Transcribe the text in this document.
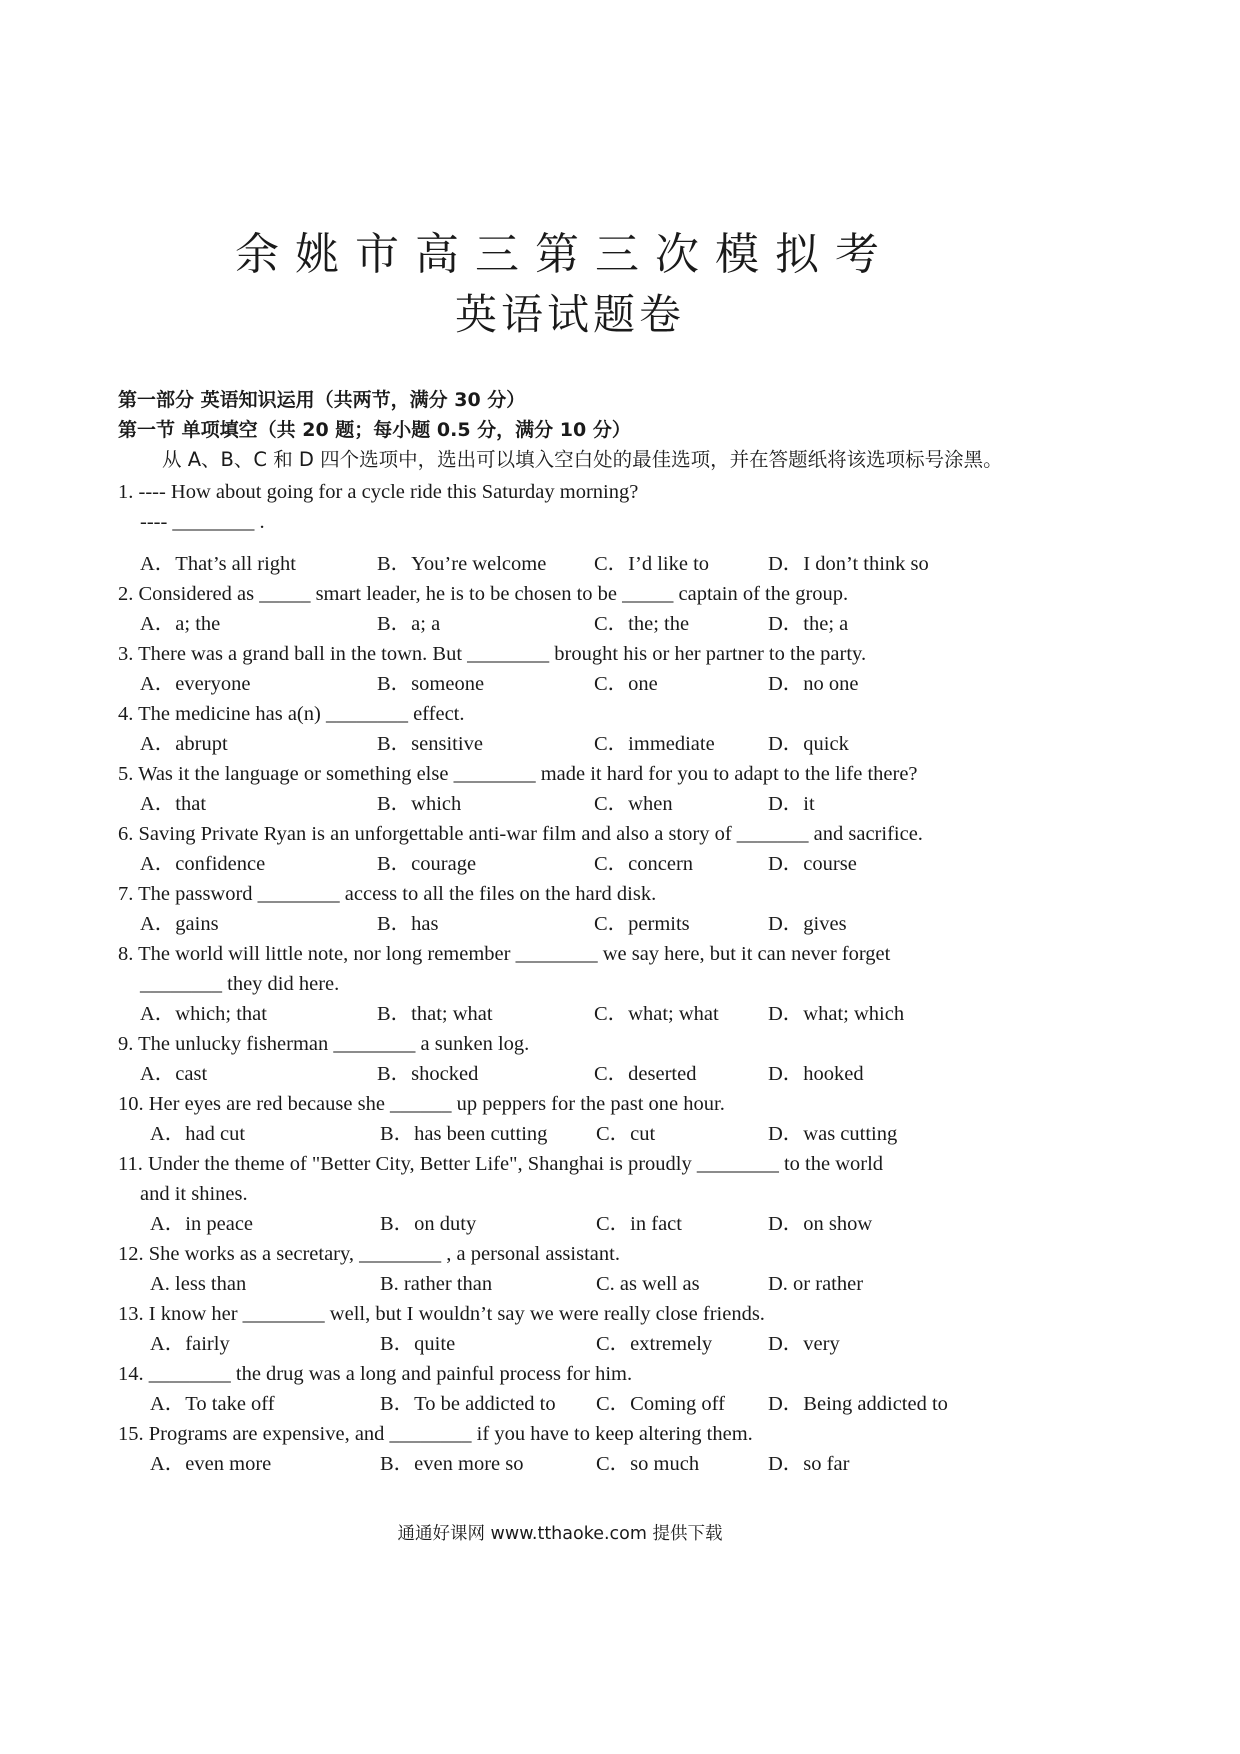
余姚市高三第三次模拟考
英语试题卷
第一部分 英语知识运用（共两节，满分 30 分）
第一节 单项填空（共 20 题；每小题 0.5 分，满分 10 分）
从 A、B、C 和 D 四个选项中，选出可以填入空白处的最佳选项，并在答题纸将该选项标号涂黑。
1. ---- How about going for a cycle ride this Saturday morning?
---- ________ .
A．That’s all right	B．You’re welcome C．I’d like to	D．I don’t think so
2. Considered as _____ smart leader, he is to be chosen to be _____ captain of the group.
A．a; the	B．a; a	C．the; the	D．the; a
3. There was a grand ball in the town. But ________ brought his or her partner to the party.
A．everyone	B．someone	C．one	D．no one
4. The medicine has a(n) ________ effect.
A．abrupt	B．sensitive	C．immediate	D．quick
5. Was it the language or something else ________ made it hard for you to adapt to the life there?
A．that	B．which	C．when	D．it
6. Saving Private Ryan is an unforgettable anti-war film and also a story of _______ and sacrifice.
A．confidence	B．courage	C．concern	D．course
7. The password ________ access to all the files on the hard disk.
A．gains	B．has	C．permits	D．gives
8. The world will little note, nor long remember ________ we say here, but it can never forget
________ they did here.
A．which; that	B．that; what	C．what; what D．what; which
9. The unlucky fisherman ________ a sunken log.
A．cast	B．shocked	C．deserted	D．hooked
10. Her eyes are red because she ______ up peppers for the past one hour.
A．had cut	B．has been cutting C．cut	D．was cutting
11. Under the theme of "Better City, Better Life", Shanghai is proudly ________ to the world
and it shines.
A．in peace	B．on duty	C．in fact	D．on show
12. She works as a secretary, ________ , a personal assistant.
A. less than	B. rather than	C. as well as	D. or rather
13. I know her ________ well, but I wouldn’t say we were really close friends.
A．fairly	B．quite	C．extremely	D．very
14. ________ the drug was a long and painful process for him.
A．To take off	B．To be addicted to C．Coming off D．Being addicted to
15. Programs are expensive, and ________ if you have to keep altering them.
A．even more	B．even more so	C．so much	D．so far
通通好课网 www.tthaoke.com 提供下载
